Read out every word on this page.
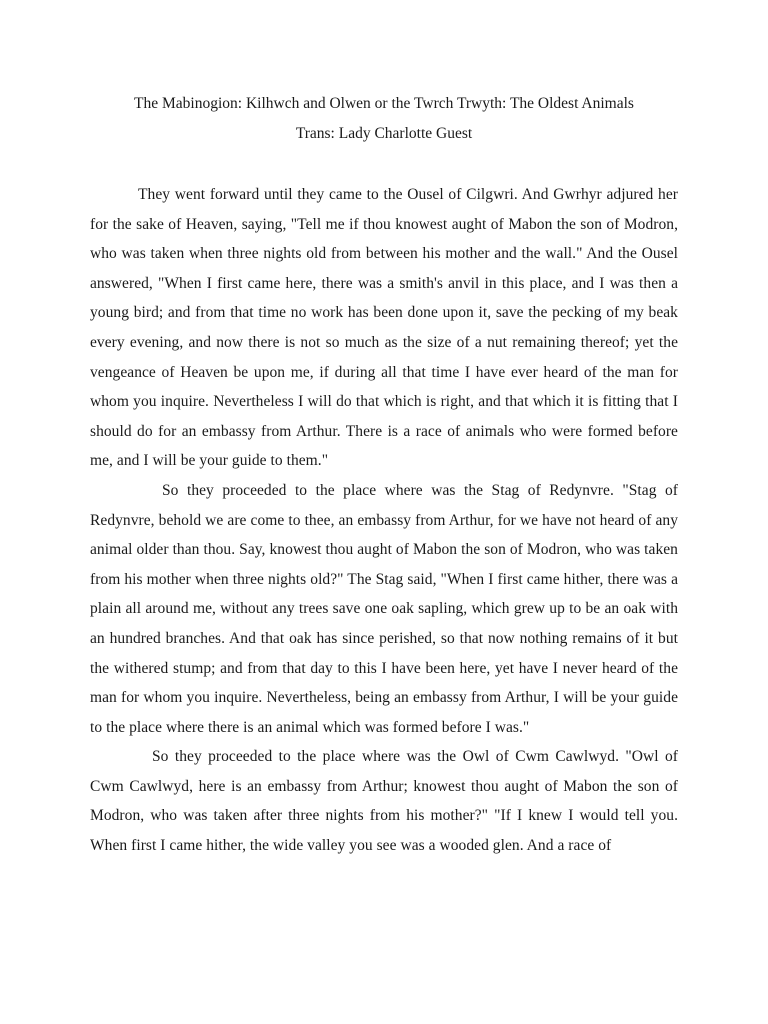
The Mabinogion: Kilhwch and Olwen or the Twrch Trwyth: The Oldest Animals
Trans: Lady Charlotte Guest

They went forward until they came to the Ousel of Cilgwri. And Gwrhyr adjured her for the sake of Heaven, saying, "Tell me if thou knowest aught of Mabon the son of Modron, who was taken when three nights old from between his mother and the wall." And the Ousel answered, "When I first came here, there was a smith's anvil in this place, and I was then a young bird; and from that time no work has been done upon it, save the pecking of my beak every evening, and now there is not so much as the size of a nut remaining thereof; yet the vengeance of Heaven be upon me, if during all that time I have ever heard of the man for whom you inquire. Nevertheless I will do that which is right, and that which it is fitting that I should do for an embassy from Arthur. There is a race of animals who were formed before me, and I will be your guide to them."

So they proceeded to the place where was the Stag of Redynvre. "Stag of Redynvre, behold we are come to thee, an embassy from Arthur, for we have not heard of any animal older than thou. Say, knowest thou aught of Mabon the son of Modron, who was taken from his mother when three nights old?" The Stag said, "When I first came hither, there was a plain all around me, without any trees save one oak sapling, which grew up to be an oak with an hundred branches. And that oak has since perished, so that now nothing remains of it but the withered stump; and from that day to this I have been here, yet have I never heard of the man for whom you inquire. Nevertheless, being an embassy from Arthur, I will be your guide to the place where there is an animal which was formed before I was."

So they proceeded to the place where was the Owl of Cwm Cawlwyd. "Owl of Cwm Cawlwyd, here is an embassy from Arthur; knowest thou aught of Mabon the son of Modron, who was taken after three nights from his mother?" "If I knew I would tell you. When first I came hither, the wide valley you see was a wooded glen. And a race of
